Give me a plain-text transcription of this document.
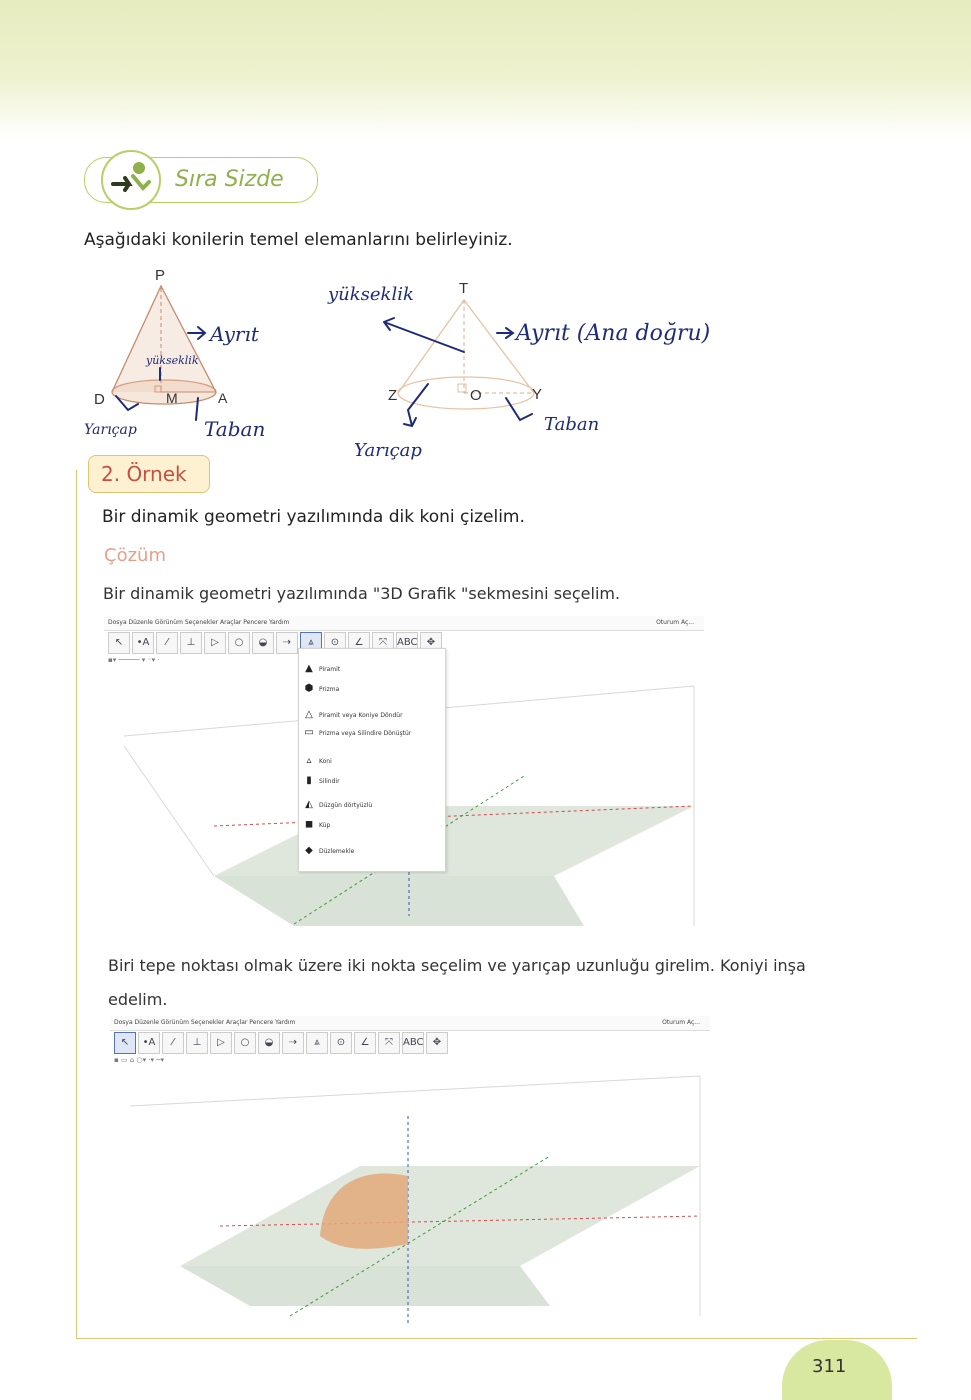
Sıra Sizde
Aşağıdaki konilerin temel elemanlarını belirleyiniz.
P
D	M	A
Ayrıt
yükseklik
Yarıçap	Taban
T
Z	O	Y
yükseklik
Ayrıt (Ana doğru)
Yarıçap
Taban
2. Örnek
Bir dinamik geometri yazılımında dik koni çizelim.
Çözüm
Bir dinamik geometri yazılımında "3D Grafik "sekmesini seçelim.
Dosya Düzenle Görünüm Seçenekler Araçlar Pencere Yardım	Oturum Aç...
↖	•A	⁄	⊥	▷	○	◒	⇢	⩓	⊙	∠	⤧	ABC ✥
▪▾ ───── ▾ ◦▾ ·
▲	Piramit
⬢ Prizma
△	Piramit veya Koniye Döndür
▭ Prizma veya Silindire Dönüştür
▵	Koni
▮	Silindir
◭	Düzgün dörtyüzlü
◼ Küp
◆	Düzlemekle
Biri tepe noktası olmak üzere iki nokta seçelim ve yarıçap uzunluğu girelim. Koniyi inşa edelim.
Dosya Düzenle Görünüm Seçenekler Araçlar Pencere Yardım	Oturum Aç...
↖	•A	⁄	⊥	▷	○	◒	⇢	⩓	⊙	∠	⤧	ABC ✥
▪ ▭ ⌂ ○▾ ·▾ ─▾
311
